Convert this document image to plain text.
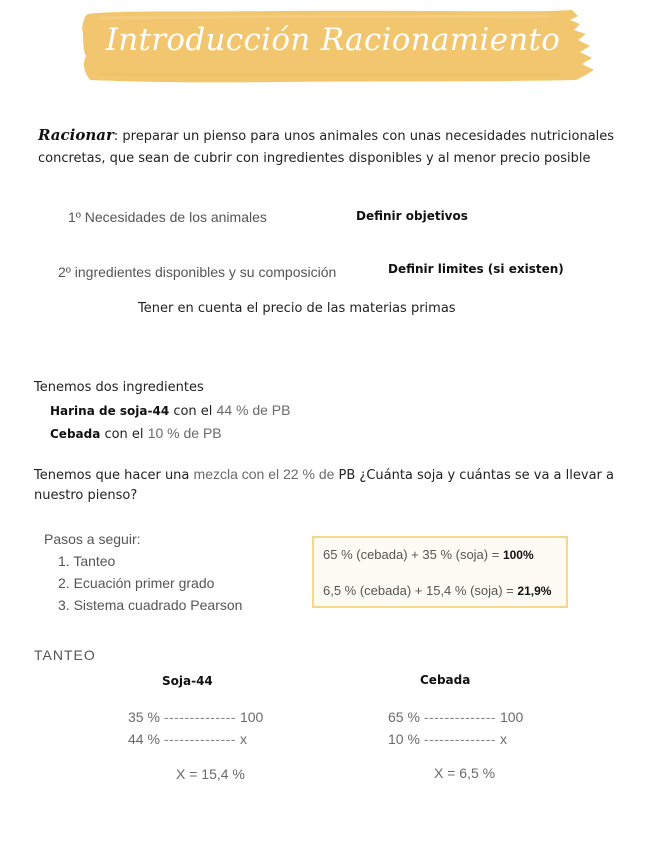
Introducción Racionamiento
Racionar: preparar un pienso para unos animales con unas necesidades nutricionales
concretas, que sean de cubrir con ingredientes disponibles y al menor precio posible
1º Necesidades de los animales	Definir objetivos
2º ingredientes disponibles y su composición	Definir limites (si existen)
Tener en cuenta el precio de las materias primas
Tenemos dos ingredientes
Harina de soja-44 con el 44 % de PB
Cebada con el 10 % de PB
Tenemos que hacer una mezcla con el 22 % de PB ¿Cuánta soja y cuántas se va a llevar a
nuestro pienso?
Pasos a seguir:
1. Tanteo
2. Ecuación primer grado
3. Sistema cuadrado Pearson
65 % (cebada) + 35 % (soja) = 100%
6,5 % (cebada) + 15,4 % (soja) = 21,9%
TANTEO
Soja-44
35 % -------------- 100
44 % -------------- x
X = 15,4 %
Cebada
65 % -------------- 100
10 % -------------- x
X = 6,5 %
